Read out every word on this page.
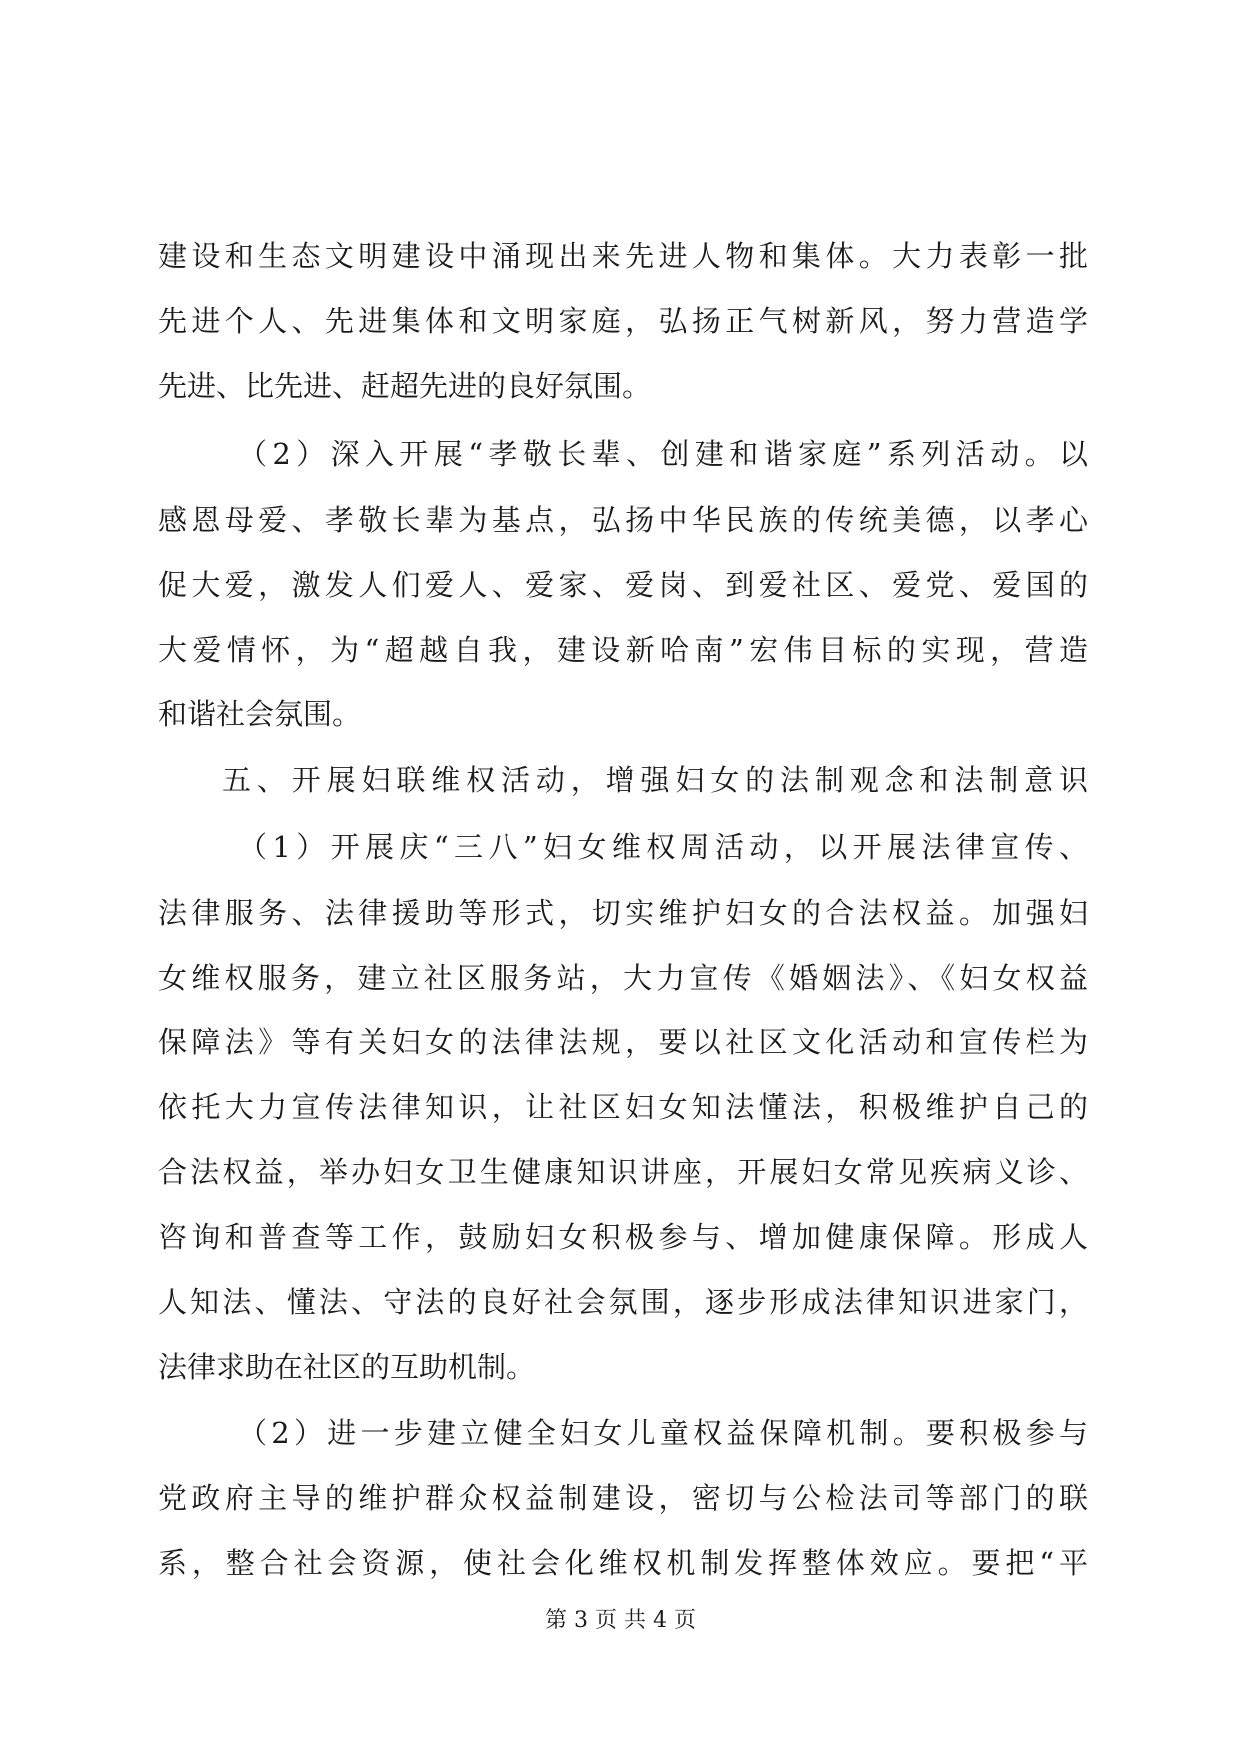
建设和生态文明建设中涌现出来先进人物和集体。大力表彰一批
先进个人、先进集体和文明家庭，弘扬正气树新风，努力营造学
先进、比先进、赶超先进的良好氛围。
（2）深入开展“孝敬长辈、创建和谐家庭”系列活动。以
感恩母爱、孝敬长辈为基点，弘扬中华民族的传统美德，以孝心
促大爱，激发人们爱人、爱家、爱岗、到爱社区、爱党、爱国的
大爱情怀，为“超越自我，建设新哈南”宏伟目标的实现，营造
和谐社会氛围。
五、开展妇联维权活动，增强妇女的法制观念和法制意识
（1）开展庆“三八”妇女维权周活动，以开展法律宣传、
法律服务、法律援助等形式，切实维护妇女的合法权益。加强妇
女维权服务，建立社区服务站，大力宣传《婚姻法》、《妇女权益
保障法》等有关妇女的法律法规，要以社区文化活动和宣传栏为
依托大力宣传法律知识，让社区妇女知法懂法，积极维护自己的
合法权益，举办妇女卫生健康知识讲座，开展妇女常见疾病义诊、
咨询和普查等工作，鼓励妇女积极参与、增加健康保障。形成人
人知法、懂法、守法的良好社会氛围，逐步形成法律知识进家门，
法律求助在社区的互助机制。
（2）进一步建立健全妇女儿童权益保障机制。要积极参与
党政府主导的维护群众权益制建设，密切与公检法司等部门的联
系，整合社会资源，使社会化维权机制发挥整体效应。要把“平
第 3 页 共 4 页
